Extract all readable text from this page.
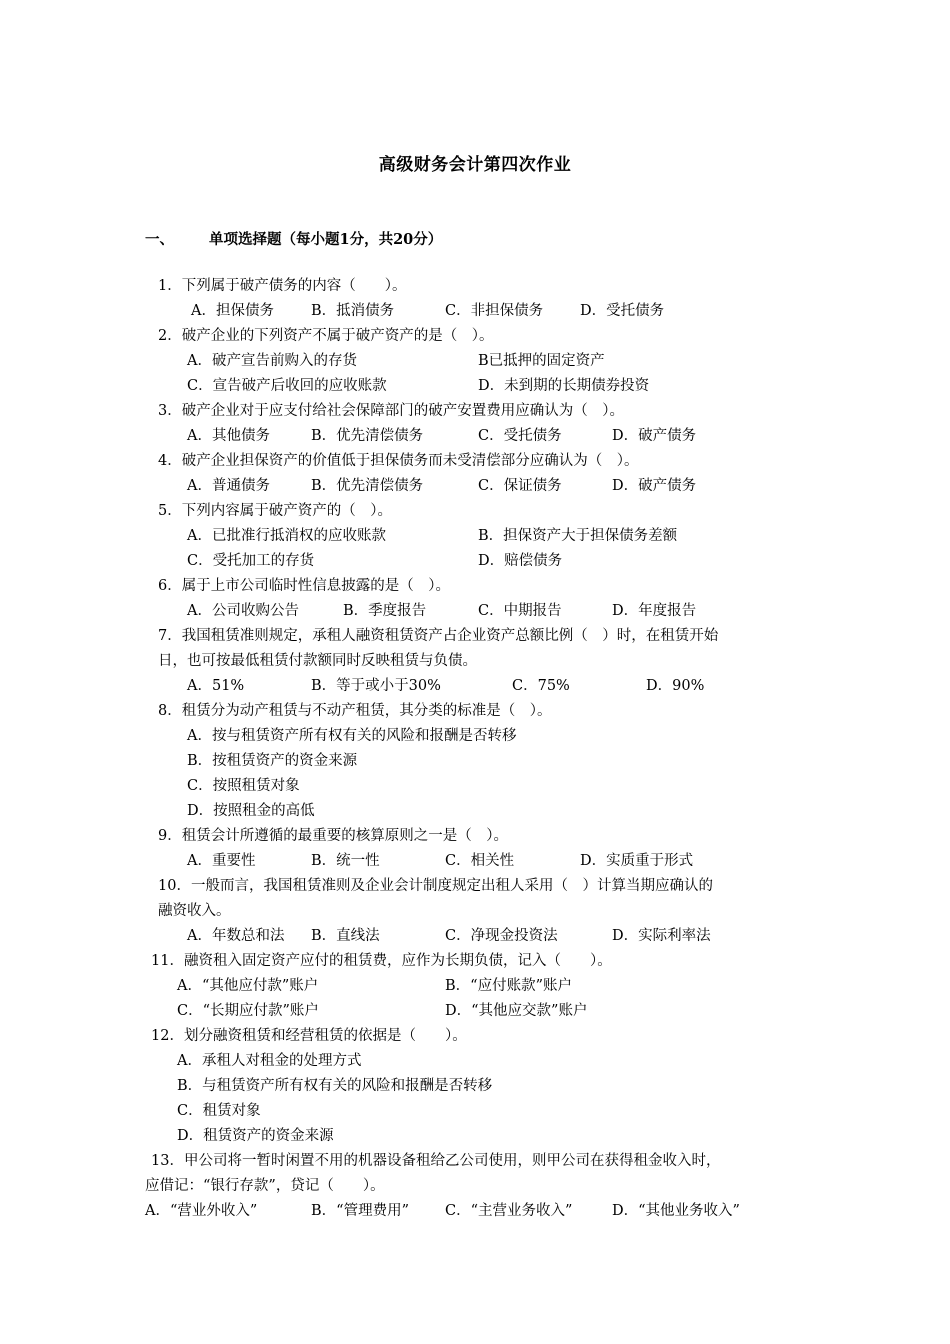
高级财务会计第四次作业
一、 单项选择题（每小题1分，共20分）
1．下列属于破产债务的内容（　　）。
A．担保债务	B．抵消债务	C．非担保债务	D．受托债务
2．破产企业的下列资产不属于破产资产的是（　）。
A．破产宣告前购入的存货	B已抵押的固定资产
C．宣告破产后收回的应收账款	D．未到期的长期债券投资
3．破产企业对于应支付给社会保障部门的破产安置费用应确认为（　）。
A．其他债务	B．优先清偿债务	C．受托债务	D．破产债务
4．破产企业担保资产的价值低于担保债务而未受清偿部分应确认为（　）。
A．普通债务	B．优先清偿债务	C．保证债务	D．破产债务
5．下列内容属于破产资产的（　）。
A．已批准行抵消权的应收账款	B．担保资产大于担保债务差额
C．受托加工的存货	D．赔偿债务
6．属于上市公司临时性信息披露的是（　）。
A．公司收购公告	B．季度报告	C．中期报告	D．年度报告
7．我国租赁准则规定，承租人融资租赁资产占企业资产总额比例（　）时，在租赁开始
日，也可按最低租赁付款额同时反映租赁与负债。
A．51%	B．等于或小于30%	C．75%	D．90%
8．租赁分为动产租赁与不动产租赁，其分类的标准是（　）。
A．按与租赁资产所有权有关的风险和报酬是否转移
B．按租赁资产的资金来源
C．按照租赁对象
D．按照租金的高低
9．租赁会计所遵循的最重要的核算原则之一是（　）。
A．重要性	B．统一性	C．相关性	D．实质重于形式
10．一般而言，我国租赁准则及企业会计制度规定出租人采用（　）计算当期应确认的
融资收入。
A．年数总和法 B．直线法	C．净现金投资法	D．实际利率法
11．融资租入固定资产应付的租赁费，应作为长期负债，记入（　　）。
A．“其他应付款”账户	B．“应付账款”账户
C．“长期应付款”账户	D．“其他应交款”账户
12．划分融资租赁和经营租赁的依据是（　　）。
A．承租人对租金的处理方式
B．与租赁资产所有权有关的风险和报酬是否转移
C．租赁对象
D．租赁资产的资金来源
13．甲公司将一暂时闲置不用的机器设备租给乙公司使用，则甲公司在获得租金收入时，
应借记：“银行存款”，贷记（　　）。
A．“营业外收入”	B．“管理费用” C．“主营业务收入”	D．“其他业务收入”
